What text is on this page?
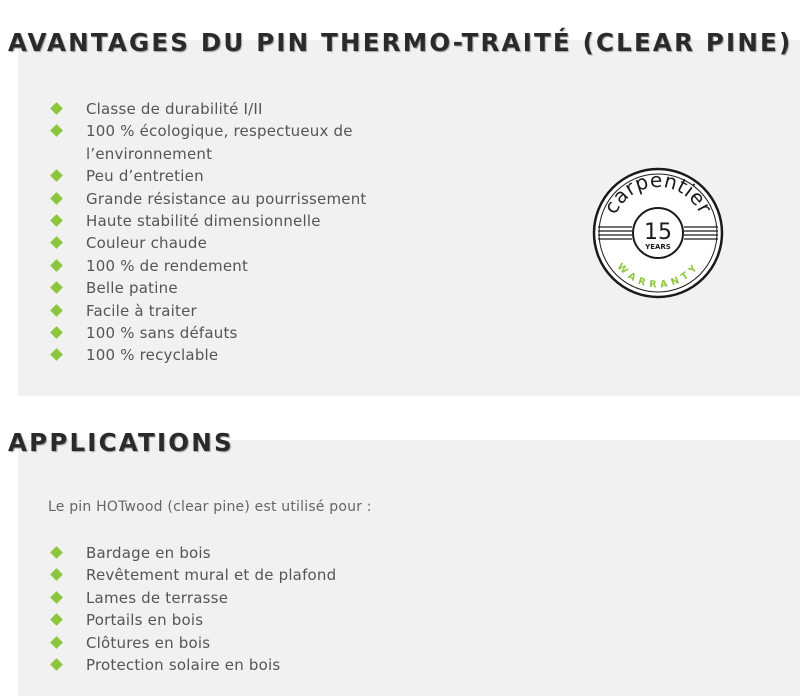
AVANTAGES DU PIN THERMO-TRAITÉ (CLEAR PINE)
Classe de durabilité I/II
100 % écologique, respectueux de
l’environnement
Peu d’entretien
Grande résistance au pourrissement
Haute stabilité dimensionnelle
Couleur chaude
100 % de rendement
Belle patine
Facile à traiter
100 % sans défauts
100 % recyclable
15
YEARS
carpentier
WARRANTY
APPLICATIONS

Le pin HOTwood (clear pine) est utilisé pour :

Bardage en bois
Revêtement mural et de plafond
Lames de terrasse
Portails en bois
Clôtures en bois
Protection solaire en bois
